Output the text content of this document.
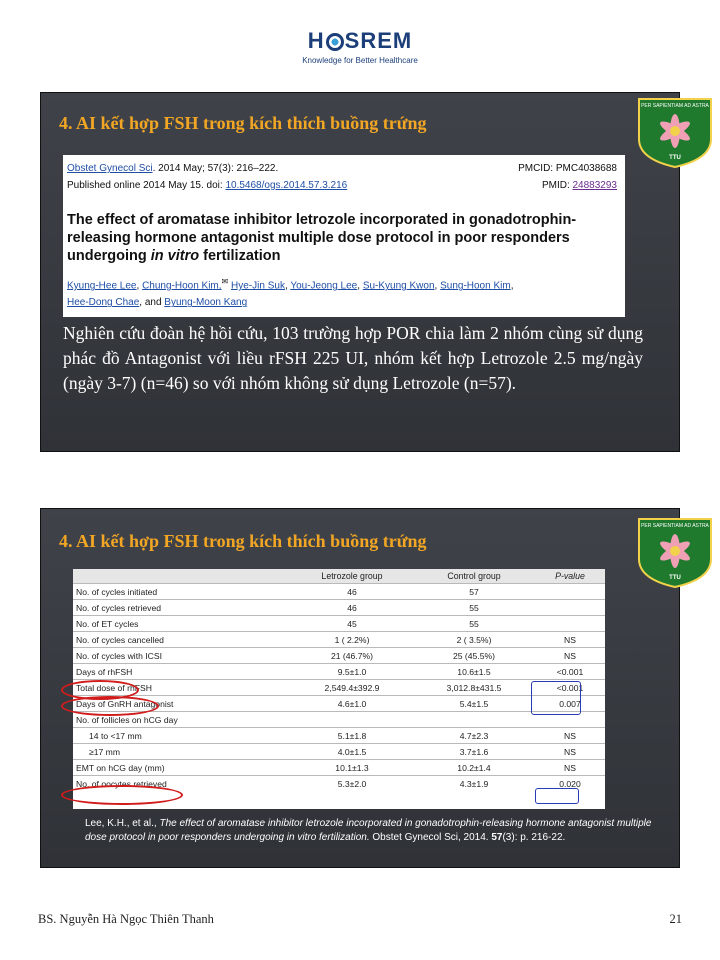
H SREM
Knowledge for Better Healthcare
4. AI kết hợp FSH trong kích thích buồng trứng
PER SAPIENTIAM AD ASTRA
TTU
Obstet Gynecol Sci. 2014 May; 57(3): 216–222.	PMCID: PMC4038688
Published online 2014 May 15. doi: 10.5468/ogs.2014.57.3.216	PMID: 24883293
The effect of aromatase inhibitor letrozole incorporated in gonadotrophin-releasing hormone antagonist multiple dose protocol in poor responders undergoing in vitro fertilization
Kyung-Hee Lee, Chung-Hoon Kim,✉ Hye-Jin Suk, You-Jeong Lee, Su-Kyung Kwon, Sung-Hoon Kim,
Hee-Dong Chae, and Byung-Moon Kang
Nghiên cứu đoàn hệ hồi cứu, 103 trường hợp POR chia làm 2 nhóm cùng sử dụng phác đồ Antagonist với liều rFSH 225 UI, nhóm kết hợp Letrozole 2.5 mg/ngày (ngày 3-7) (n=46) so với nhóm không sử dụng Letrozole (n=57).
4. AI kết hợp FSH trong kích thích buồng trứng
PER SAPIENTIAM AD ASTRA
TTU
	Letrozole group	Control group	P-value
No. of cycles initiated	46	57	
No. of cycles retrieved	46	55	
No. of ET cycles	45	55	
No. of cycles cancelled	1 ( 2.2%)	2 ( 3.5%)	NS
No. of cycles with ICSI	21 (46.7%)	25 (45.5%)	NS
Days of rhFSH	9.5±1.0	10.6±1.5	<0.001
Total dose of rhFSH	2,549.4±392.9	3,012.8±431.5	<0.001
Days of GnRH antagonist	4.6±1.0	5.4±1.5	0.007
No. of follicles on hCG day			
14 to <17 mm	5.1±1.8	4.7±2.3	NS
≥17 mm	4.0±1.5	3.7±1.6	NS
EMT on hCG day (mm)	10.1±1.3	10.2±1.4	NS
No. of oocytes retrieved	5.3±2.0	4.3±1.9	0.020
Lee, K.H., et al., The effect of aromatase inhibitor letrozole incorporated in gonadotrophin-releasing hormone antagonist multiple dose protocol in poor responders undergoing in vitro fertilization. Obstet Gynecol Sci, 2014. 57(3): p. 216-22.
BS. Nguyễn Hà Ngọc Thiên Thanh	21
